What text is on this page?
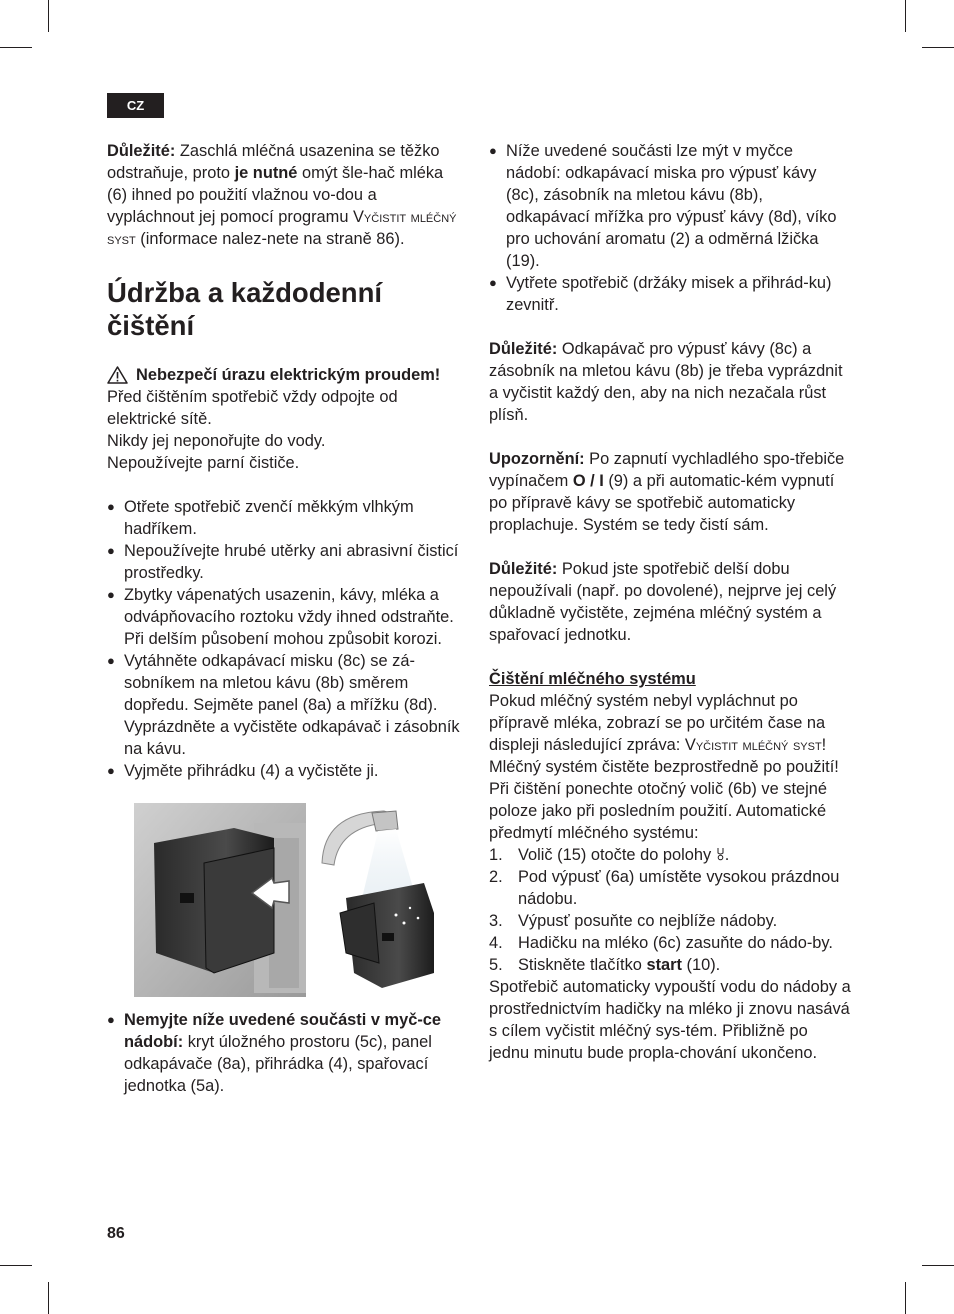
CZ

Důležité: Zaschlá mléčná usazenina se těžko odstraňuje, proto je nutné omýt šle-hač mléka (6) ihned po použití vlažnou vo-dou a vypláchnout jej pomocí programu Vyčistit mléčný syst (informace nalez-nete na straně 86).

Údržba a každodenní čištění
Nebezpečí úrazu elektrickým proudem!

Před čištěním spotřebič vždy odpojte od elektrické sítě.

Nikdy jej neponořujte do vody.

Nepoužívejte parní čističe.

● Otřete spotřebič zvenčí měkkým vlhkým hadříkem.
● Nepoužívejte hrubé utěrky ani abrasivní čisticí prostředky.
● Zbytky vápenatých usazenin, kávy, mléka a odvápňovacího roztoku vždy ihned odstraňte. Při delším působení mohou způsobit korozi.
● Vytáhněte odkapávací misku (8c) se zá-sobníkem na mletou kávu (8b) směrem dopředu. Sejměte panel (8a) a mřížku (8d). Vyprázdněte a vyčistěte odkapávač i zásobník na kávu.
● Vyjměte přihrádku (4) a vyčistěte ji.
● Nemyjte níže uvedené součásti v myč-ce nádobí: kryt úložného prostoru (5c), panel odkapávače (8a), přihrádka (4), spařovací jednotka (5a).
● Níže uvedené součásti lze mýt v myčce nádobí: odkapávací miska pro výpusť kávy (8c), zásobník na mletou kávu (8b), odkapávací mřížka pro výpusť kávy (8d), víko pro uchování aromatu (2) a odměrná lžička (19).
● Vytřete spotřebič (držáky misek a přihrád-ku) zevnitř.

Důležité: Odkapávač pro výpusť kávy (8c) a zásobník na mletou kávu (8b) je třeba vyprázdnit a vyčistit každý den, aby na nich nezačala růst plísň.

Upozornění: Po zapnutí vychladlého spo-třebiče vypínačem O / I (9) a při automatic-kém vypnutí po přípravě kávy se spotřebič automaticky proplachuje. Systém se tedy čistí sám.

Důležité: Pokud jste spotřebič delší dobu nepoužívali (např. po dovolené), nejprve jej celý důkladně vyčistěte, zejména mléčný systém a spařovací jednotku.

Čištění mléčného systému

Pokud mléčný systém nebyl vypláchnut po přípravě mléka, zobrazí se po určitém čase na displeji následující zpráva: Vyčistit mléčný syst!

Mléčný systém čistěte bezprostředně po použití! Při čištění ponechte otočný volič (6b) ve stejné poloze jako při posledním použití. Automatické předmytí mléčného systému:

1. Volič (15) otočte do polohy .
2. Pod výpusť (6a) umístěte vysokou prázdnou nádobu.
3. Výpusť posuňte co nejblíže nádoby.
4. Hadičku na mléko (6c) zasuňte do nádo-by.
5. Stiskněte tlačítko start (10).

Spotřebič automaticky vypouští vodu do nádoby a prostřednictvím hadičky na mléko ji znovu nasává s cílem vyčistit mléčný sys-tém. Přibližně po jednu minutu bude propla-chování ukončeno.

86
